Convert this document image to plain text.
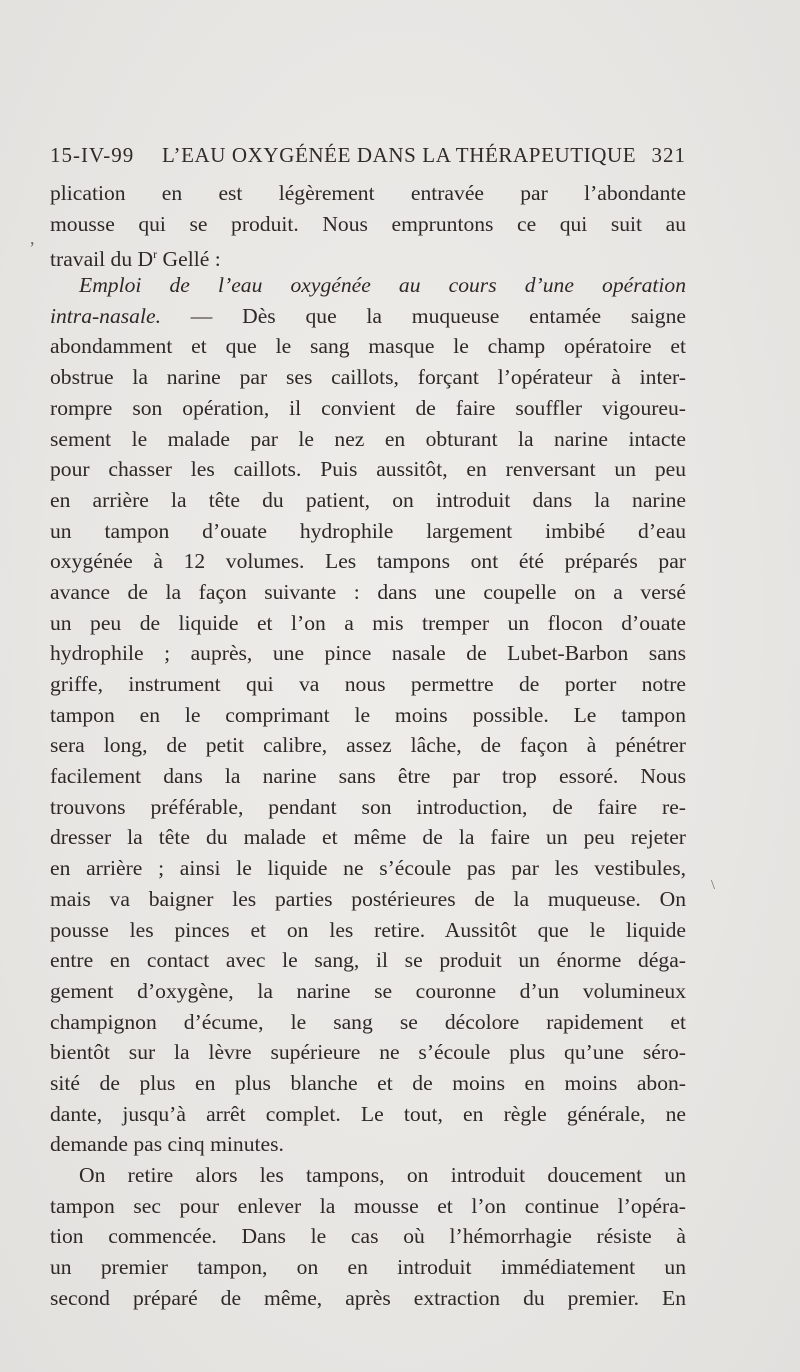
15-IV-99 L’EAU OXYGÉNÉE DANS LA THÉRAPEUTIQUE 321
,
\
plication en est légèrement entravée par l’abondante
mousse qui se produit. Nous empruntons ce qui suit au
travail du $D^r$ Gellé :
Emploi de l’eau oxygénée au cours d’une opération
intra-nasale. — Dès que la muqueuse entamée saigne
abondamment et que le sang masque le champ opératoire et
obstrue la narine par ses caillots, forçant l’opérateur à inter-
rompre son opération, il convient de faire souffler vigoureu-
sement le malade par le nez en obturant la narine intacte
pour chasser les caillots. Puis aussitôt, en renversant un peu
en arrière la tête du patient, on introduit dans la narine
un tampon d’ouate hydrophile largement imbibé d’eau
oxygénée à 12 volumes. Les tampons ont été préparés par
avance de la façon suivante : dans une coupelle on a versé
un peu de liquide et l’on a mis tremper un flocon d’ouate
hydrophile ; auprès, une pince nasale de Lubet-Barbon sans
griffe, instrument qui va nous permettre de porter notre
tampon en le comprimant le moins possible. Le tampon
sera long, de petit calibre, assez lâche, de façon à pénétrer
facilement dans la narine sans être par trop essoré. Nous
trouvons préférable, pendant son introduction, de faire re-
dresser la tête du malade et même de la faire un peu rejeter
en arrière ; ainsi le liquide ne s’écoule pas par les vestibules,
mais va baigner les parties postérieures de la muqueuse. On
pousse les pinces et on les retire. Aussitôt que le liquide
entre en contact avec le sang, il se produit un énorme déga-
gement d’oxygène, la narine se couronne d’un volumineux
champignon d’écume, le sang se décolore rapidement et
bientôt sur la lèvre supérieure ne s’écoule plus qu’une séro-
sité de plus en plus blanche et de moins en moins abon-
dante, jusqu’à arrêt complet. Le tout, en règle générale, ne
demande pas cinq minutes.
On retire alors les tampons, on introduit doucement un
tampon sec pour enlever la mousse et l’on continue l’opéra-
tion commencée. Dans le cas où l’hémorrhagie résiste à
un premier tampon, on en introduit immédiatement un
second préparé de même, après extraction du premier. En
